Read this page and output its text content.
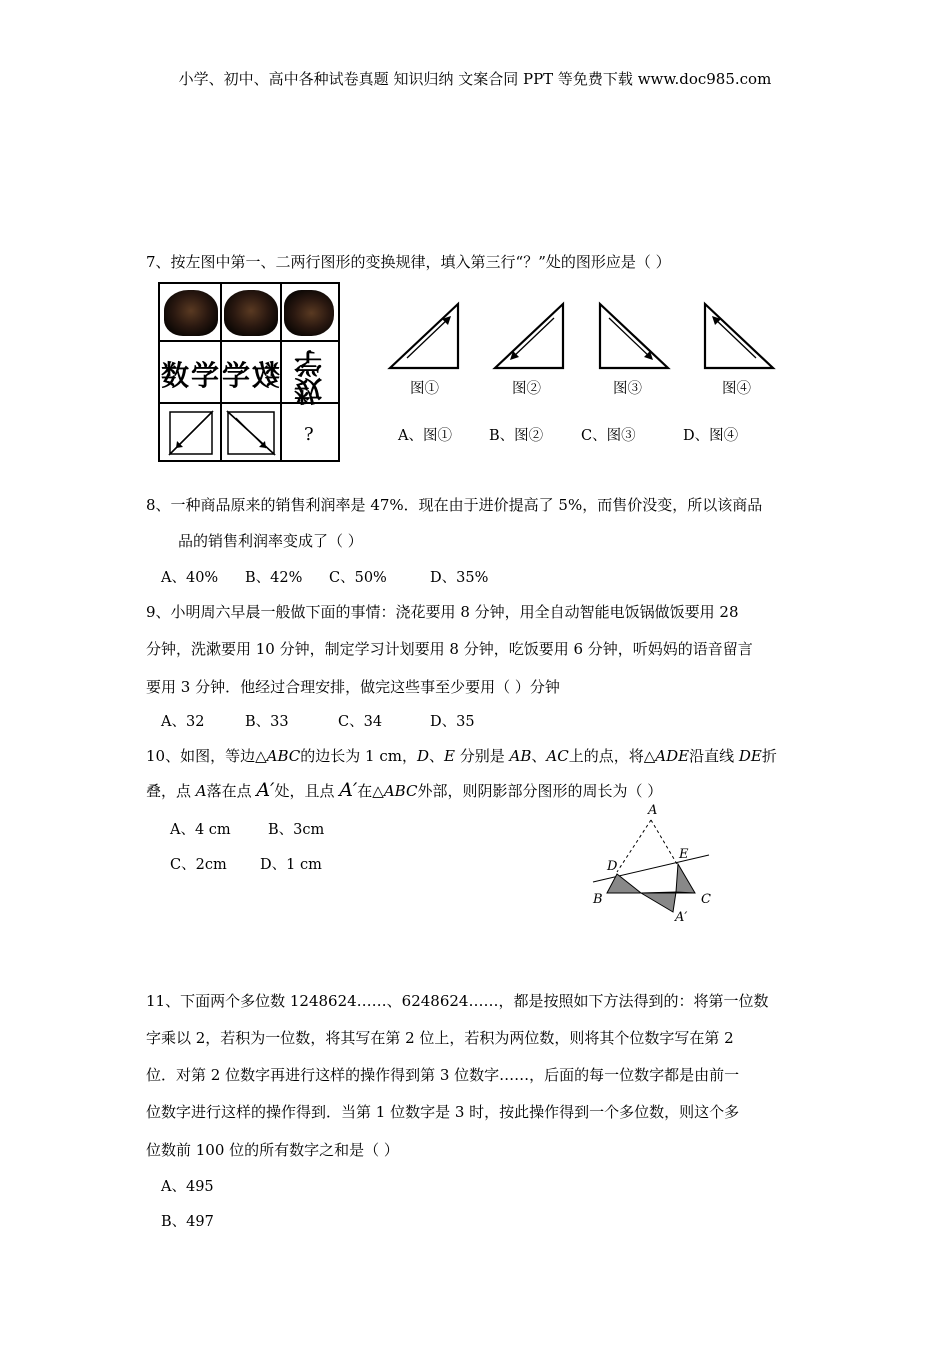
小学、初中、高中各种试卷真题 知识归纳 文案合同 PPT 等免费下载 www.doc985.com
7、按左图中第一、二两行图形的变换规律，填入第三行“？”处的图形应是（ ）
数 学 学 数 学
数
?
图①	图②	图③	图④
A、图①	B、图②	C、图③	D、图④
8、一种商品原来的销售利润率是 47%．现在由于进价提高了 5%，而售价没变，所以该商品
品的销售利润率变成了（ ）
A、40% B、42% C、50%	D、35%
9、小明周六早晨一般做下面的事情：浇花要用 8 分钟，用全自动智能电饭锅做饭要用 28
分钟，洗漱要用 10 分钟，制定学习计划要用 8 分钟，吃饭要用 6 分钟，听妈妈的语音留言
要用 3 分钟．他经过合理安排，做完这些事至少要用（ ）分钟
A、32	B、33	C、34	D、35
10、如图，等边△ABC的边长为 1 cm，D、E 分别是 AB、AC上的点，将△ADE沿直线 DE折
叠，点 A落在点 A′处，且点 A′在△ABC外部，则阴影部分图形的周长为（ ）
A、4 cm	B、3cm
C、2cm D、1 cm
A
D
E
B	C
A′
11、下面两个多位数 1248624……、6248624……，都是按照如下方法得到的：将第一位数
字乘以 2，若积为一位数，将其写在第 2 位上，若积为两位数，则将其个位数字写在第 2
位．对第 2 位数字再进行这样的操作得到第 3 位数字……，后面的每一位数字都是由前一
位数字进行这样的操作得到．当第 1 位数字是 3 时，按此操作得到一个多位数，则这个多
位数前 100 位的所有数字之和是（ ）
A、495
B、497
